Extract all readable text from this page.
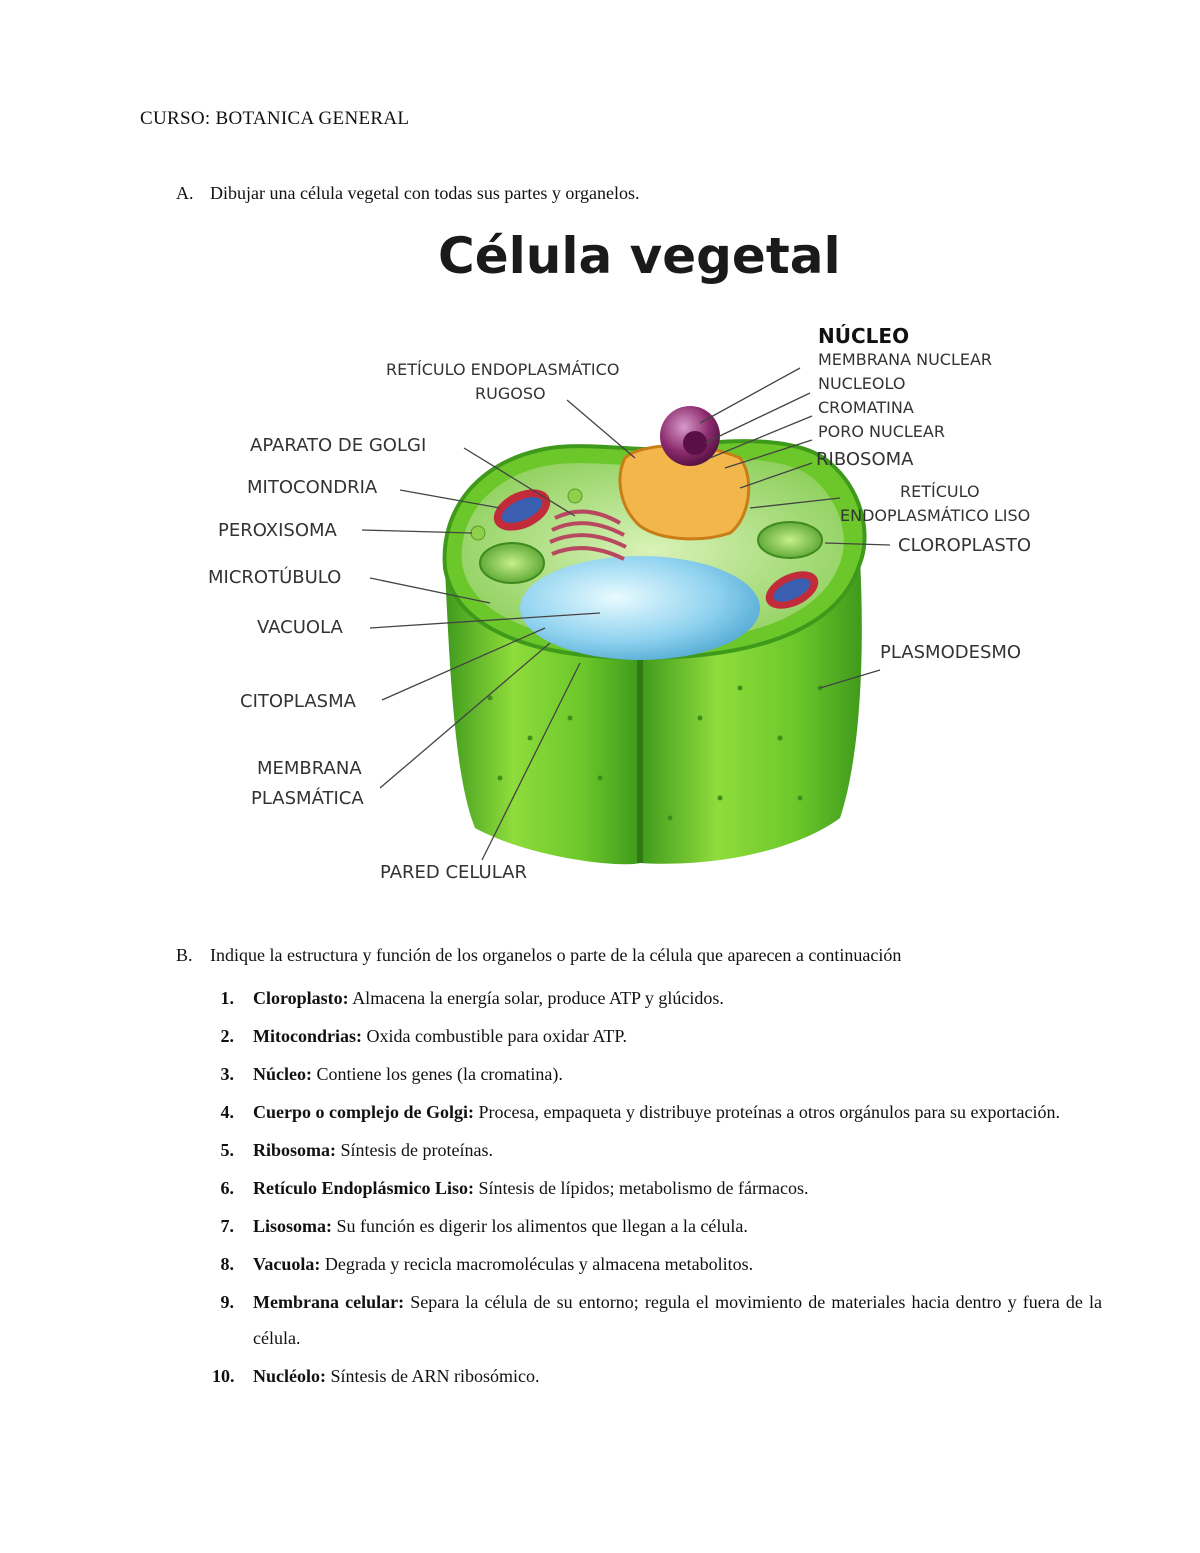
CURSO: BOTANICA GENERAL
A. Dibujar una célula vegetal con todas sus partes y organelos.
Célula vegetal
NÚCLEO
MEMBRANA NUCLEAR
NUCLEOLO
CROMATINA
PORO NUCLEAR
RIBOSOMA
RETÍCULO
ENDOPLASMÁTICO LISO
CLOROPLASTO
PLASMODESMO
RETÍCULO ENDOPLASMÁTICO
RUGOSO
APARATO DE GOLGI
MITOCONDRIA
PEROXISOMA
MICROTÚBULO
VACUOLA
CITOPLASMA
MEMBRANA
PLASMÁTICA
PARED CELULAR
B. Indique la estructura y función de los organelos o parte de la célula que aparecen a continuación
1. Cloroplasto: Almacena la energía solar, produce ATP y glúcidos.
2. Mitocondrias: Oxida combustible para oxidar ATP.
3. Núcleo: Contiene los genes (la cromatina).
4. Cuerpo o complejo de Golgi: Procesa, empaqueta y distribuye proteínas a otros orgánulos para su exportación.
5. Ribosoma: Síntesis de proteínas.
6. Retículo Endoplásmico Liso: Síntesis de lípidos; metabolismo de fármacos.
7. Lisosoma: Su función es digerir los alimentos que llegan a la célula.
8. Vacuola: Degrada y recicla macromoléculas y almacena metabolitos.
9. Membrana celular: Separa la célula de su entorno; regula el movimiento de materiales hacia dentro y fuera de la célula.
10. Nucléolo: Síntesis de ARN ribosómico.
